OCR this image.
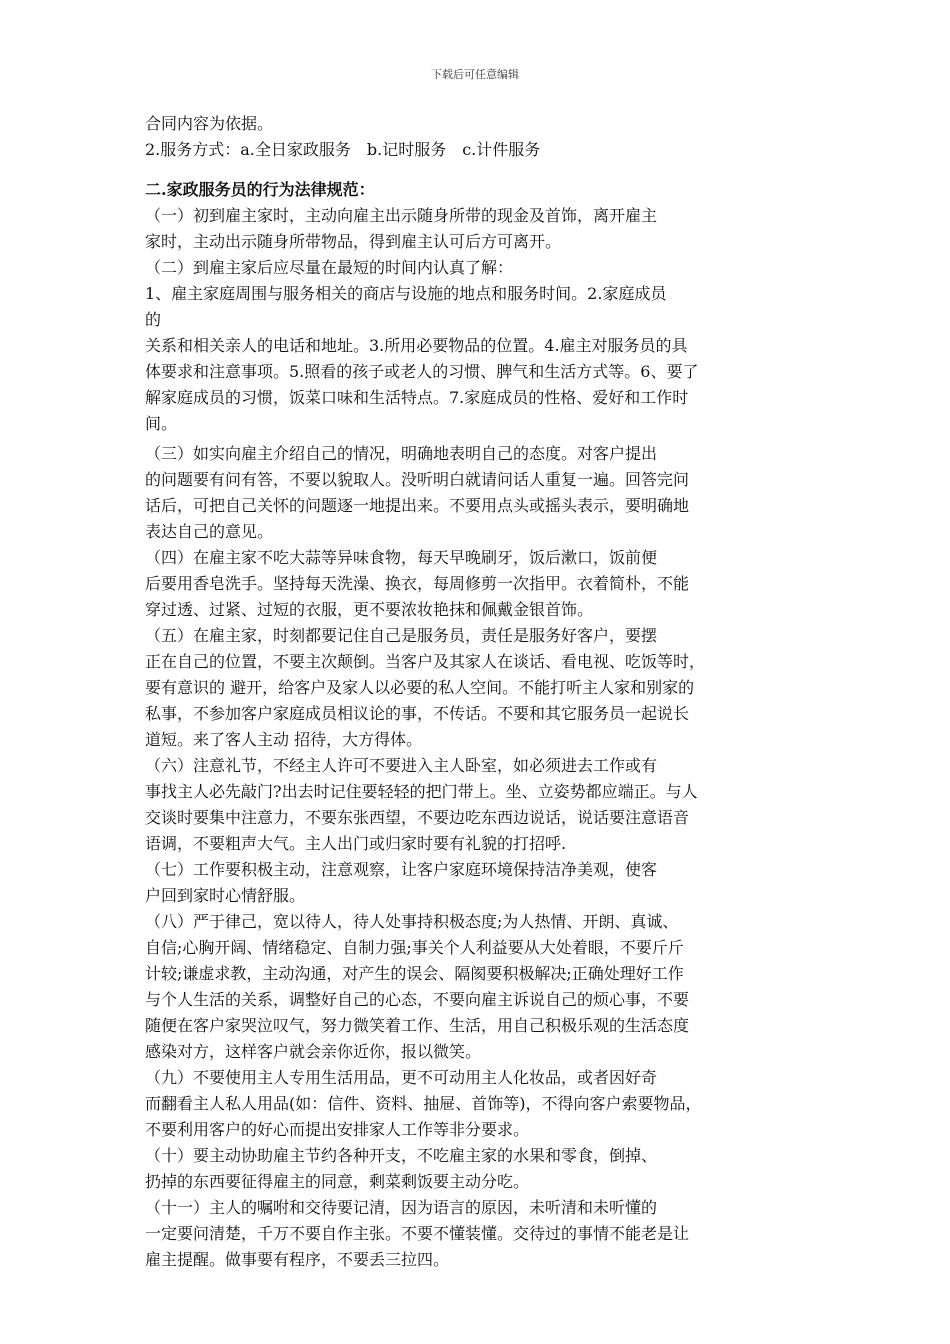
下载后可任意编辑

合同内容为依据。

2.服务方式：a.全日家政服务　b.记时服务　c.计件服务

二.家政服务员的行为法律规范：

（一）初到雇主家时，主动向雇主出示随身所带的现金及首饰，离开雇主

家时，主动出示随身所带物品，得到雇主认可后方可离开。

（二）到雇主家后应尽量在最短的时间内认真了解：

1、雇主家庭周围与服务相关的商店与设施的地点和服务时间。2.家庭成员

的

关系和相关亲人的电话和地址。3.所用必要物品的位置。4.雇主对服务员的具

体要求和注意事项。5.照看的孩子或老人的习惯、脾气和生活方式等。6、要了

解家庭成员的习惯，饭菜口味和生活特点。7.家庭成员的性格、爱好和工作时

间。

（三）如实向雇主介绍自己的情况，明确地表明自己的态度。对客户提出

的问题要有问有答，不要以貌取人。没听明白就请问话人重复一遍。回答完问

话后，可把自己关怀的问题逐一地提出来。不要用点头或摇头表示，要明确地

表达自己的意见。

（四）在雇主家不吃大蒜等异味食物，每天早晚刷牙，饭后漱口，饭前便

后要用香皂洗手。坚持每天洗澡、换衣，每周修剪一次指甲。衣着简朴，不能

穿过透、过紧、过短的衣服，更不要浓妆艳抹和佩戴金银首饰。

（五）在雇主家，时刻都要记住自己是服务员，责任是服务好客户，要摆

正在自己的位置，不要主次颠倒。当客户及其家人在谈话、看电视、吃饭等时，

要有意识的 避开，给客户及家人以必要的私人空间。不能打听主人家和别家的

私事，不参加客户家庭成员相议论的事，不传话。不要和其它服务员一起说长

道短。来了客人主动 招待，大方得体。

（六）注意礼节，不经主人许可不要进入主人卧室，如必须进去工作或有

事找主人必先敲门?出去时记住要轻轻的把门带上。坐、立姿势都应端正。与人

交谈时要集中注意力，不要东张西望，不要边吃东西边说话，说话要注意语音

语调，不要粗声大气。主人出门或归家时要有礼貌的打招呼.

（七）工作要积极主动，注意观察，让客户家庭环境保持洁净美观，使客

户回到家时心情舒服。

（八）严于律己，宽以待人，待人处事持积极态度;为人热情、开朗、真诚、

自信;心胸开阔、情绪稳定、自制力强;事关个人利益要从大处着眼，不要斤斤

计较;谦虚求教，主动沟通，对产生的误会、隔阂要积极解决;正确处理好工作

与个人生活的关系，调整好自己的心态，不要向雇主诉说自己的烦心事，不要

随便在客户家哭泣叹气，努力微笑着工作、生活，用自己积极乐观的生活态度

感染对方，这样客户就会亲你近你，报以微笑。

（九）不要使用主人专用生活用品，更不可动用主人化妆品，或者因好奇

而翻看主人私人用品(如：信件、资料、抽屉、首饰等)，不得向客户索要物品，

不要利用客户的好心而提出安排家人工作等非分要求。

（十）要主动协助雇主节约各种开支，不吃雇主家的水果和零食，倒掉、

扔掉的东西要征得雇主的同意，剩菜剩饭要主动分吃。

（十一）主人的嘱咐和交待要记清，因为语言的原因，未听清和未听懂的

一定要问清楚，千万不要自作主张。不要不懂装懂。交待过的事情不能老是让

雇主提醒。做事要有程序，不要丢三拉四。
